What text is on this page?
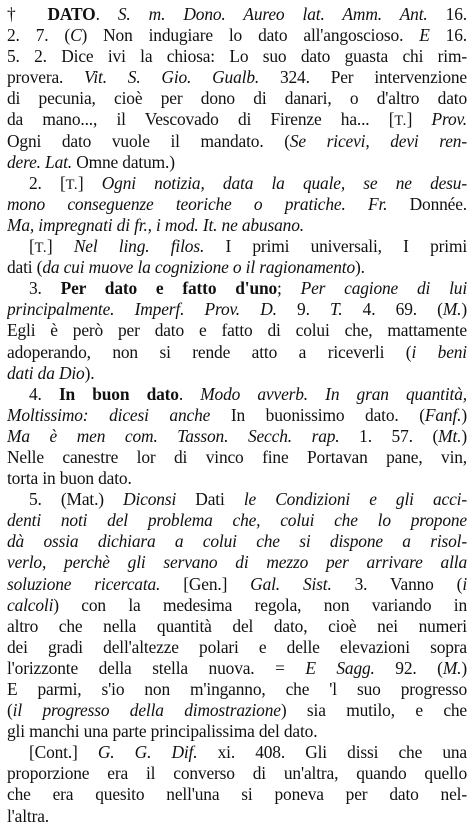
† DATO. S. m. Dono. Aureo lat. Amm. Ant. 16.
2. 7. (C) Non indugiare lo dato all'angoscioso. E 16.
5. 2. Dice ivi la chiosa: Lo suo dato guasta chi rim-
provera. Vit. S. Gio. Gualb. 324. Per intervenzione
di pecunia, cioè per dono di danari, o d'altro dato
da mano..., il Vescovado di Firenze ha... [T.] Prov.
Ogni dato vuole il mandato. (Se ricevi, devi ren-
dere. Lat. Omne datum.)
2. [T.] Ogni notizia, data la quale, se ne desu-
mono conseguenze teoriche o pratiche. Fr. Donnée.
Ma, impregnati di fr., i mod. It. ne abusano.
[T.] Nel ling. filos. I primi universali, I primi
dati (da cui muove la cognizione o il ragionamento).
3. Per dato e fatto d'uno; Per cagione di lui
principalmente. Imperf. Prov. D. 9. T. 4. 69. (M.)
Egli è però per dato e fatto di colui che, mattamente
adoperando, non si rende atto a riceverli (i beni
dati da Dio).
4. In buon dato. Modo avverb. In gran quantità,
Moltissimo: dicesi anche In buonissimo dato. (Fanf.)
Ma è men com. Tasson. Secch. rap. 1. 57. (Mt.)
Nelle canestre lor di vinco fine Portavan pane, vin,
torta in buon dato.
5. (Mat.) Diconsi Dati le Condizioni e gli acci-
denti noti del problema che, colui che lo propone
dà ossia dichiara a colui che si dispone a risol-
verlo, perchè gli servano di mezzo per arrivare alla
soluzione ricercata. [Gen.] Gal. Sist. 3. Vanno (i
calcoli) con la medesima regola, non variando in
altro che nella quantità del dato, cioè nei numeri
dei gradi dell'altezze polari e delle elevazioni sopra
l'orizzonte della stella nuova. = E Sagg. 92. (M.)
E parmi, s'io non m'inganno, che 'l suo progresso
(il progresso della dimostrazione) sia mutilo, e che
gli manchi una parte principalissima del dato.
[Cont.] G. G. Dif. xi. 408. Gli dissi che una
proporzione era il converso di un'altra, quando quello
che era quesito nell'una si poneva per dato nel-
l'altra.
